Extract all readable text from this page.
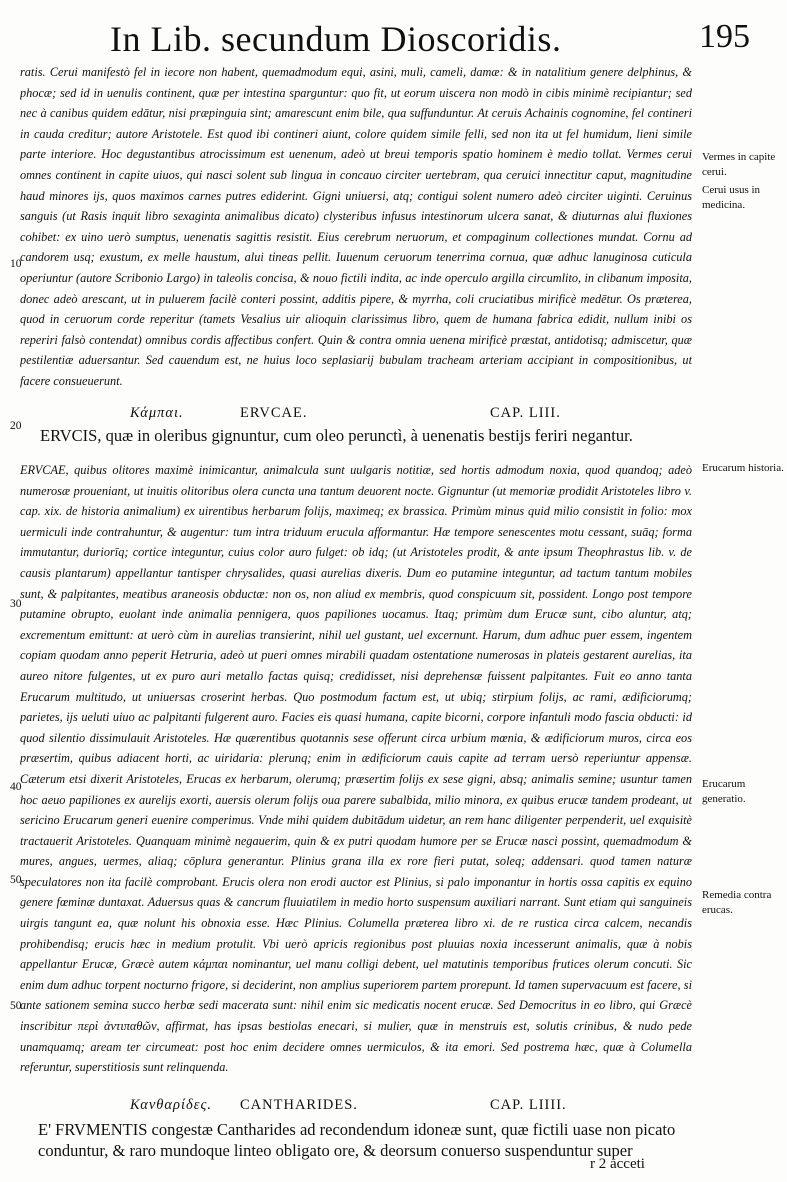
In Lib. secundum Dioscoridis.	195

ratis. Cerui manifestò fel in iecore non habent, quemadmodum equi, asini, muli, cameli, damæ: & in natalitium genere delphinus, & phocæ; sed id in uenulis continent, quæ per intestina sparguntur: quo fit, ut eorum uiscera non modò in cibis minimè recipiantur; sed nec à canibus quidem edātur, nisi præpinguia sint; amarescunt enim bile, qua suffunduntur. At ceruis Achainis cognomine, fel contineri in cauda creditur; autore Aristotele. Est quod ibi contineri aiunt, colore quidem simile felli, sed non ita ut fel humidum, lieni simile parte interiore. Hoc degustantibus atrocissimum est uenenum, adeò ut breui temporis spatio hominem è medio tollat. Vermes cerui omnes continent in capite uiuos, qui nasci solent sub lingua in concauo circiter uertebram, qua ceruici innectitur caput, magnitudine haud minores ijs, quos maximos carnes putres ediderint. Gigni uniuersi, atq; contigui solent numero adeò circiter uiginti. Ceruinus sanguis (ut Rasis inquit libro sexaginta animalibus dicato) clysteribus infusus intestinorum ulcera sanat, & diuturnas alui fluxiones cohibet: ex uino uerò sumptus, uenenatis sagittis resistit. Eius cerebrum neruorum, et compaginum collectiones mundat. Cornu ad candorem usq; exustum, ex melle haustum, alui tineas pellit. Iuuenum ceruorum tenerrima cornua, quæ adhuc lanuginosa cuticula operiuntur (autore Scribonio Largo) in taleolis concisa, & nouo fictili indita, ac inde operculo argilla circumlito, in clibanum imposita, donec adeò arescant, ut in puluerem facilè conteri possint, additis pipere, & myrrha, coli cruciatibus mirificè medētur. Os præterea, quod in ceruorum corde reperitur (tamets Vesalius uir alioquin clarissimus libro, quem de humana fabrica edidit, nullum inibi os reperiri falsò contendat) omnibus cordis affectibus confert. Quin & contra omnia uenena mirificè præstat, antidotisq; admiscetur, quæ pestilentiæ aduersantur. Sed cauendum est, ne huius loco seplasiarij bubulam tracheam arteriam accipiant in compositionibus, ut facere consueuerunt.

Vermes in capite cerui.
Cerui usus in medicina.
10
20
Κάμπαι.	ERVCAE.	CAP. LIII.
ERVCIS, quæ in oleribus gignuntur, cum oleo perunctì, à uenenatis bestijs feriri negantur.

ERVCAE, quibus olitores maximè inimicantur, animalcula sunt uulgaris notitiæ, sed hortis admodum noxia, quod quandoq; adeò numerosæ proueniant, ut inuitis olitoribus olera cuncta una tantum deuorent nocte. Gignuntur (ut memoriæ prodidit Aristoteles libro v. cap. xix. de historia animalium) ex uirentibus herbarum folijs, maximeq; ex brassica. Primùm minus quid milio consistit in folio: mox uermiculi inde contrahuntur, & augentur: tum intra triduum erucula afformantur. Hæ tempore senescentes motu cessant, suāq; forma immutantur, duriorīq; cortice integuntur, cuius color auro fulget: ob idq; (ut Aristoteles prodit, & ante ipsum Theophrastus lib. v. de causis plantarum) appellantur tantisper chrysalides, quasi aurelias dixeris. Dum eo putamine integuntur, ad tactum tantum mobiles sunt, & palpitantes, meatibus araneosis obductæ: non os, non aliud ex membris, quod conspicuum sit, possident. Longo post tempore putamine obrupto, euolant inde animalia pennigera, quos papiliones uocamus. Itaq; primùm dum Erucæ sunt, cibo aluntur, atq; excrementum emittunt: at uerò cùm in aurelias transierint, nihil uel gustant, uel excernunt. Harum, dum adhuc puer essem, ingentem copiam quodam anno peperit Hetruria, adeò ut pueri omnes mirabili quadam ostentatione numerosas in plateis gestarent aurelias, ita aureo nitore fulgentes, ut ex puro auri metallo factas quisq; credidisset, nisi deprehensæ fuissent palpitantes. Fuit eo anno tanta Erucarum multitudo, ut uniuersas croserint herbas. Quo postmodum factum est, ut ubiq; stirpium folijs, ac rami, ædificiorumq; parietes, ijs ueluti uiuo ac palpitanti fulgerent auro. Facies eis quasi humana, capite bicorni, corpore infantuli modo fascia obducti: id quod silentio dissimulauit Aristoteles. Hæ quærentibus quotannis sese offerunt circa urbium mœnia, & ædificiorum muros, circa eos præsertim, quibus adiacent horti, ac uiridaria: plerunq; enim in ædificiorum cauis capite ad terram uersò reperiuntur appensæ. Cæterum etsi dixerit Aristoteles, Erucas ex herbarum, olerumq; præsertim folijs ex sese gigni, absq; animalis semine; usuntur tamen hoc aeuo papiliones ex aurelijs exorti, auersis olerum folijs oua parere subalbida, milio minora, ex quibus erucæ tandem prodeant, ut sericino Erucarum generi euenire comperimus. Vnde mihi quidem dubitādum uidetur, an rem hanc diligenter perpenderit, uel exquisitè tractauerit Aristoteles. Quanquam minimè negauerim, quin & ex putri quodam humore per se Erucæ nasci possint, quemadmodum & mures, angues, uermes, aliaq; cōplura generantur. Plinius grana illa ex rore fieri putat, soleq; addensari. quod tamen naturæ speculatores non ita facilè comprobant. Erucis olera non erodi auctor est Plinius, si palo imponantur in hortis ossa capitis ex equino genere fœminæ duntaxat. Aduersus quas & cancrum fluuiatilem in medio horto suspensum auxiliari narrant. Sunt etiam qui sanguineis uirgis tangunt ea, quæ nolunt his obnoxia esse. Hæc Plinius. Columella præterea libro xi. de re rustica circa calcem, necandis prohibendisq; erucis hæc in medium protulit. Vbi uerò apricis regionibus post pluuias noxia incesserunt animalis, quæ à nobis appellantur Erucæ, Græcè autem κάμπαι nominantur, uel manu colligi debent, uel matutinis temporibus frutices olerum concuti. Sic enim dum adhuc torpent nocturno frigore, si deciderint, non amplius superiorem partem prorepunt. Id tamen supervacuum est facere, si ante sationem semina succo herbæ sedi macerata sunt: nihil enim sic medicatis nocent erucæ. Sed Democritus in eo libro, qui Græcè inscribitur περὶ ἀντιπαθῶν, affirmat, has ipsas bestiolas enecari, si mulier, quæ in menstruis est, solutis crinibus, & nudo pede unamquamq; aream ter circumeat: post hoc enim decidere omnes uermiculos, & ita emori. Sed postrema hæc, quæ à Columella referuntur, superstitiosis sunt relinquenda.

Erucarum historia.
Erucarum generatio.
Remedia contra erucas.
30
40
50
50
Κανθαρίδες. CANTHARIDES.	CAP. LIIII.

E' FRVMENTIS congestæ Cantharides ad recondendum idoneæ sunt, quæ fictili uase non picato conduntur, & raro mundoque linteo obligato ore, & deorsum conuerso suspenduntur super

r 2 acceti
